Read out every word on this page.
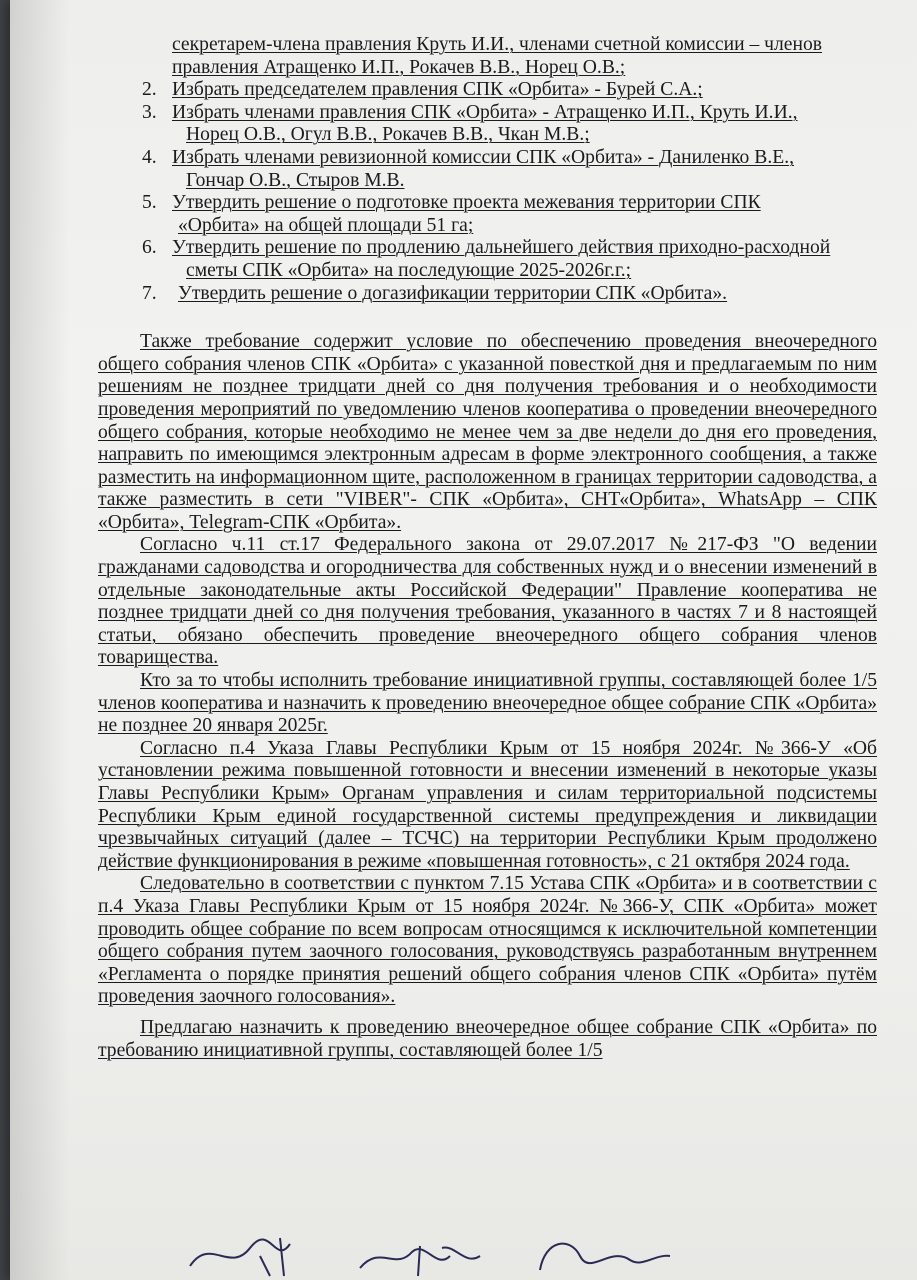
секретарем-члена правления Круть И.И., членами счетной комиссии – членов
правления Атращенко И.П., Рокачев В.В., Норец О.В.;
2. Избрать председателем правления СПК «Орбита» - Бурей С.А.;
3. Избрать членами правления СПК «Орбита» - Атращенко И.П., Круть И.И.,
Норец О.В., Огул В.В., Рокачев В.В., Чкан М.В.;
4. Избрать членами ревизионной комиссии СПК «Орбита» - Даниленко В.Е.,
Гончар О.В., Стыров М.В.
5. Утвердить решение о подготовке проекта межевания территории СПК
«Орбита» на общей площади 51 га;
6. Утвердить решение по продлению дальнейшего действия приходно-расходной
сметы СПК «Орбита» на последующие 2025-2026г.г.;
7.	Утвердить решение о догазификации территории СПК «Орбита».

Также требование содержит условие по обеспечению проведения внеочередного общего собрания членов СПК «Орбита» с указанной повесткой дня и предлагаемым по ним решениям не позднее тридцати дней со дня получения требования и о необходимости проведения мероприятий по уведомлению членов кооператива о проведении внеочередного общего собрания, которые необходимо не менее чем за две недели до дня его проведения, направить по имеющимся электронным адресам в форме электронного сообщения, а также разместить на информационном щите, расположенном в границах территории садоводства, а также разместить в сети "VIBER"- СПК «Орбита», СНТ«Орбита», WhatsApp – СПК «Орбита», Telegram-СПК «Орбита».

Согласно ч.11 ст.17 Федерального закона от 29.07.2017 №217-ФЗ "О ведении гражданами садоводства и огородничества для собственных нужд и о внесении изменений в отдельные законодательные акты Российской Федерации" Правление кооператива не позднее тридцати дней со дня получения требования, указанного в частях 7 и 8 настоящей статьи, обязано обеспечить проведение внеочередного общего собрания членов товарищества.

Кто за то чтобы исполнить требование инициативной группы, составляющей более 1/5 членов кооператива и назначить к проведению внеочередное общее собрание СПК «Орбита» не позднее 20 января 2025г.

Согласно п.4 Указа Главы Республики Крым от 15 ноября 2024г. №366-У «Об установлении режима повышенной готовности и внесении изменений в некоторые указы Главы Республики Крым» Органам управления и силам территориальной подсистемы Республики Крым единой государственной системы предупреждения и ликвидации чрезвычайных ситуаций (далее – ТСЧС) на территории Республики Крым продолжено действие функционирования в режиме «повышенная готовность», с 21 октября 2024 года.

Следовательно в соответствии с пунктом 7.15 Устава СПК «Орбита» и в соответствии с п.4 Указа Главы Республики Крым от 15 ноября 2024г. №366-У, СПК «Орбита» может проводить общее собрание по всем вопросам относящимся к исключительной компетенции общего собрания путем заочного голосования, руководствуясь разработанным внутреннем «Регламента о порядке принятия решений общего собрания членов СПК «Орбита» путём проведения заочного голосования».

Предлагаю назначить к проведению внеочередное общее собрание СПК «Орбита» по требованию инициативной группы, составляющей более 1/5
